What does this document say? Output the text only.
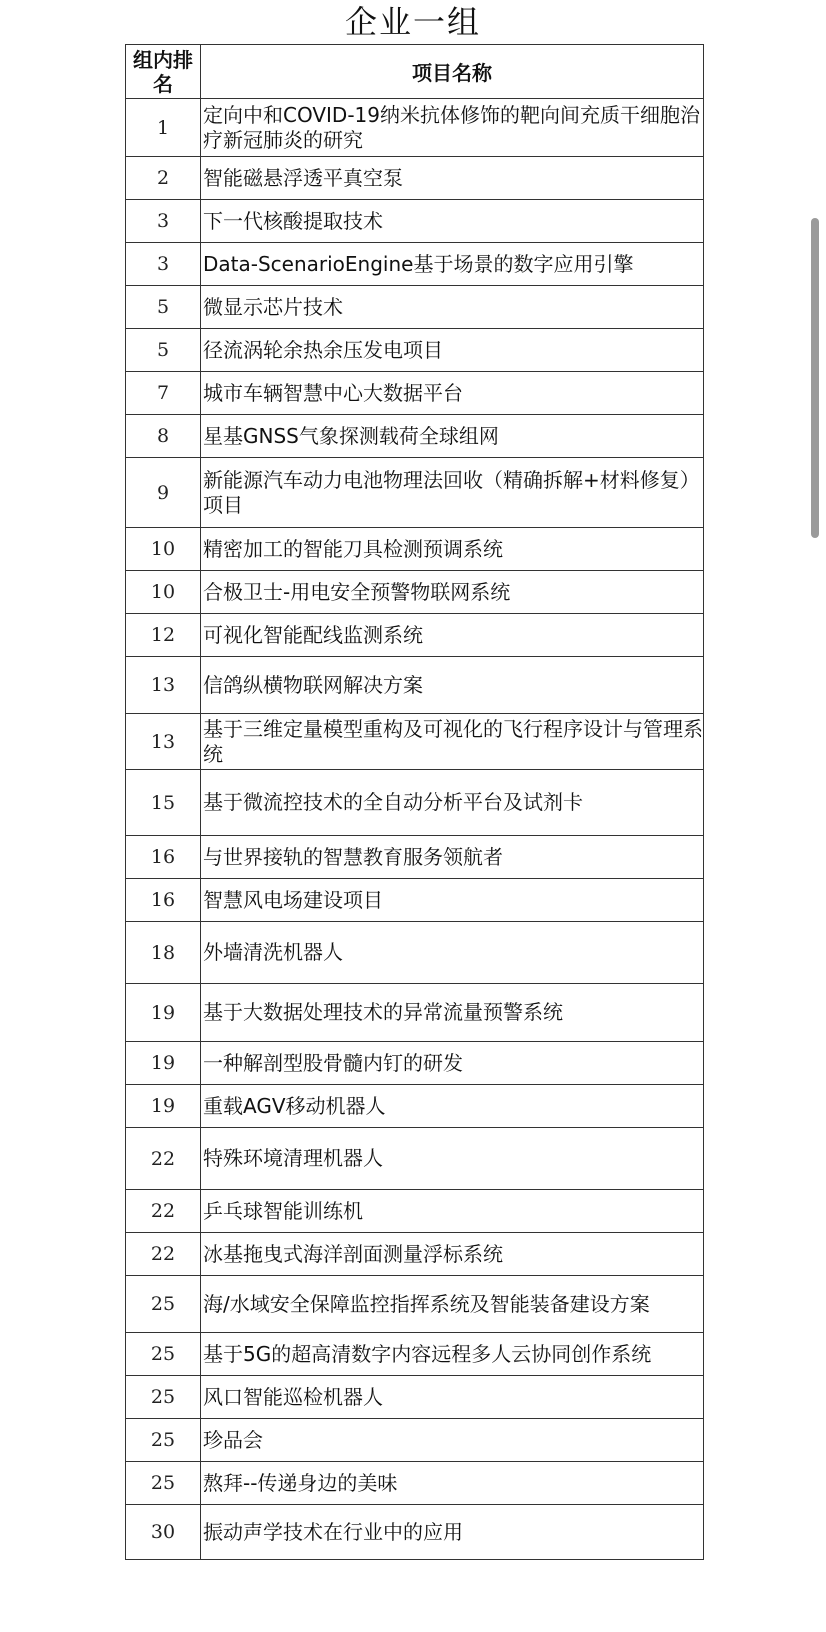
企业一组
组内排名	项目名称
1	定向中和COVID-19纳米抗体修饰的靶向间充质干细胞治疗新冠肺炎的研究
2	智能磁悬浮透平真空泵
3	下一代核酸提取技术
3	Data-ScenarioEngine基于场景的数字应用引擎
5	微显示芯片技术
5	径流涡轮余热余压发电项目
7	城市车辆智慧中心大数据平台
8	星基GNSS气象探测载荷全球组网
9	新能源汽车动力电池物理法回收（精确拆解+材料修复）项目
10	精密加工的智能刀具检测预调系统
10	合极卫士-用电安全预警物联网系统
12	可视化智能配线监测系统
13	信鸽纵横物联网解决方案
13	基于三维定量模型重构及可视化的飞行程序设计与管理系统
15	基于微流控技术的全自动分析平台及试剂卡
16	与世界接轨的智慧教育服务领航者
16	智慧风电场建设项目
18	外墙清洗机器人
19	基于大数据处理技术的异常流量预警系统
19	一种解剖型股骨髓内钉的研发
19	重载AGV移动机器人
22	特殊环境清理机器人
22	乒乓球智能训练机
22	冰基拖曳式海洋剖面测量浮标系统
25	海/水域安全保障监控指挥系统及智能装备建设方案
25	基于5G的超高清数字内容远程多人云协同创作系统
25	风口智能巡检机器人
25	珍品会
25	熬拜--传递身边的美味
30	振动声学技术在行业中的应用
